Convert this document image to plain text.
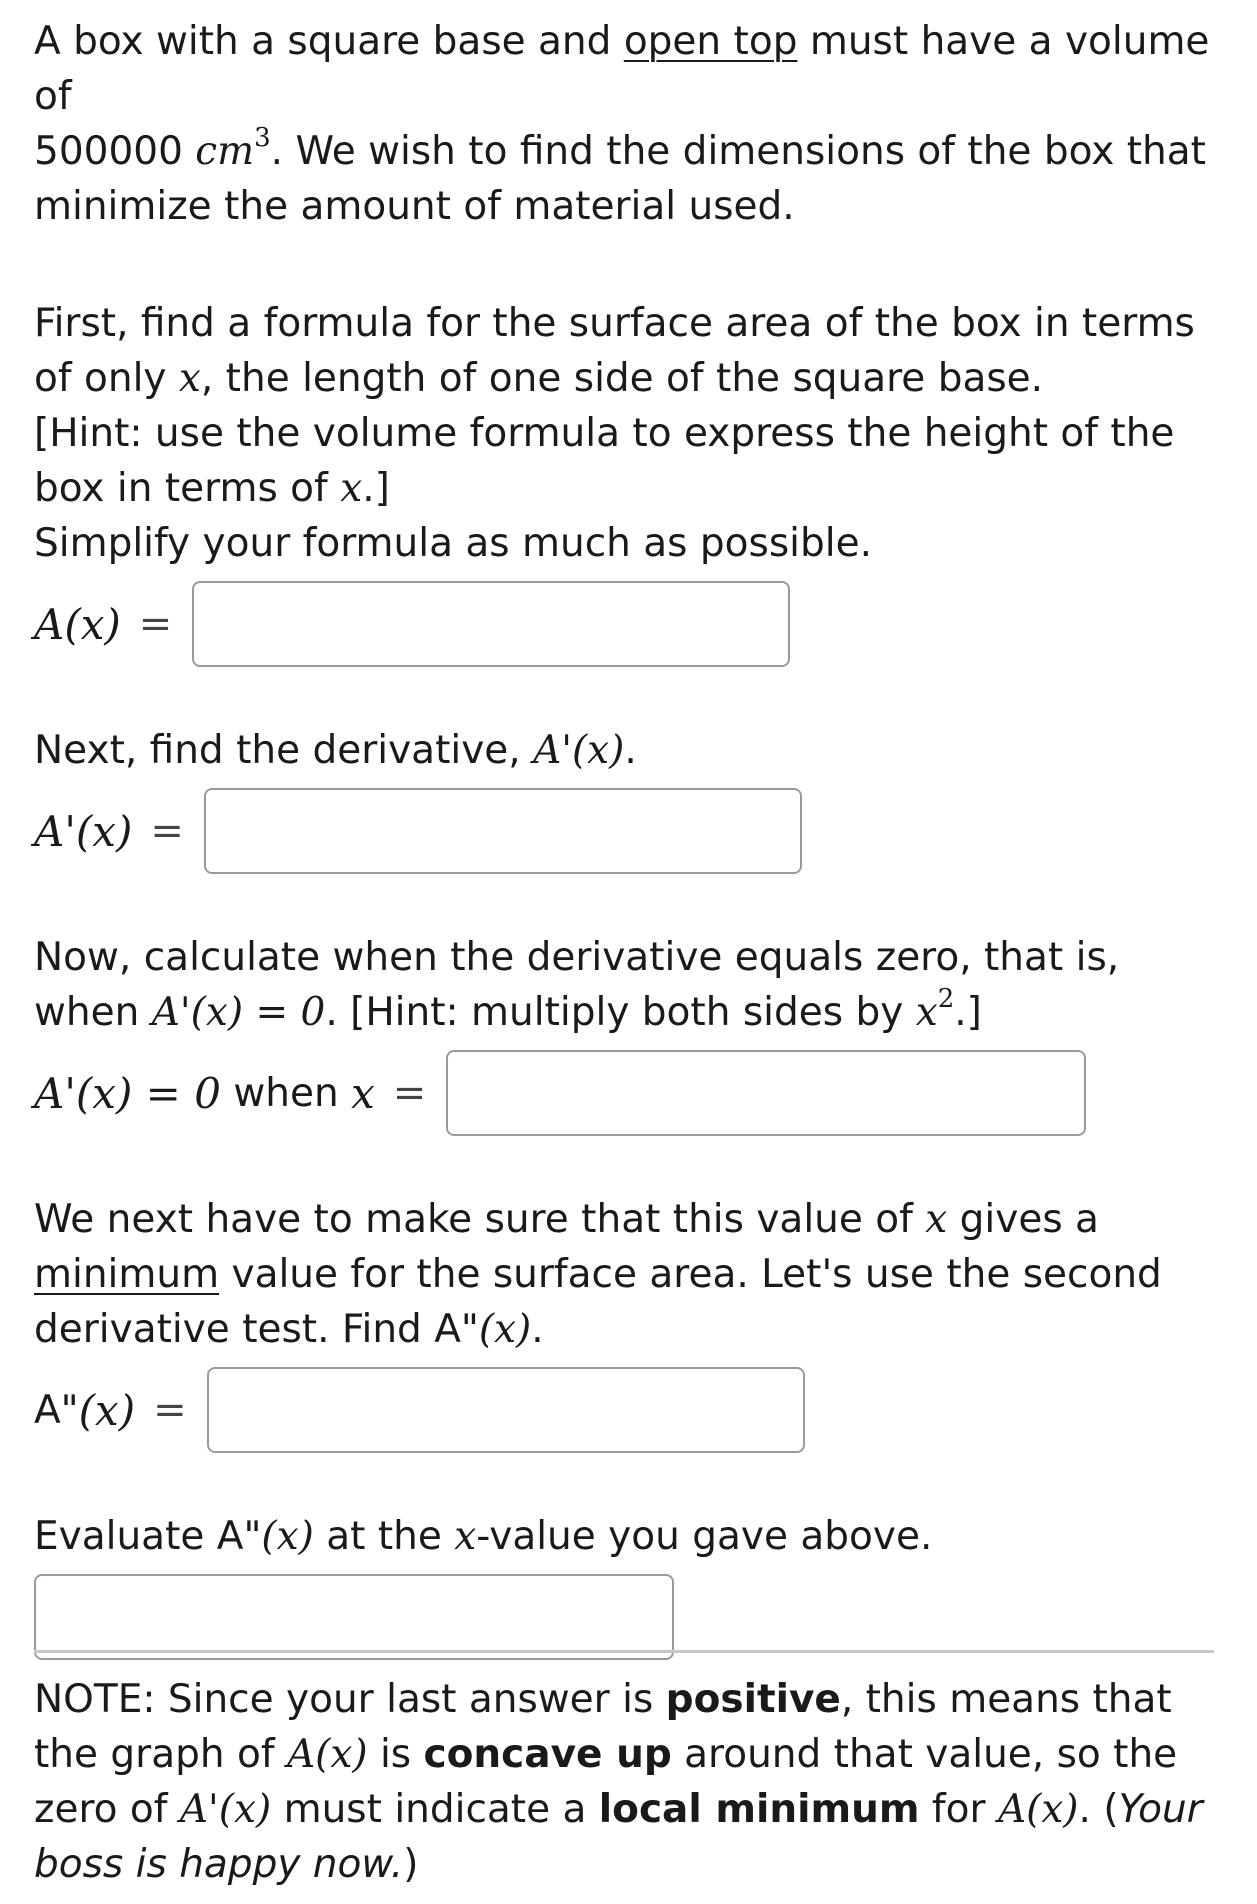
A box with a square base and open top must have a volume of
500000 $cm^3$. We wish to find the dimensions of the box that minimize the amount of material used.

First, find a formula for the surface area of the box in terms of only x, the length of one side of the square base.
[Hint: use the volume formula to express the height of the box in terms of x.]
Simplify your formula as much as possible.

A(x) =

Next, find the derivative, A'(x).

A'(x) =

Now, calculate when the derivative equals zero, that is,
when A'(x) = 0. [Hint: multiply both sides by $x^2$.]

A'(x) = 0 when x =

We next have to make sure that this value of x gives a
minimum value for the surface area. Let's use the second derivative test. Find A"(x).

A" (x) =

Evaluate A"(x) at the x-value you gave above.

NOTE: Since your last answer is positive, this means that the graph of A(x) is concave up around that value, so the zero of A'(x) must indicate a local minimum for A(x). (Your boss is happy now.)
